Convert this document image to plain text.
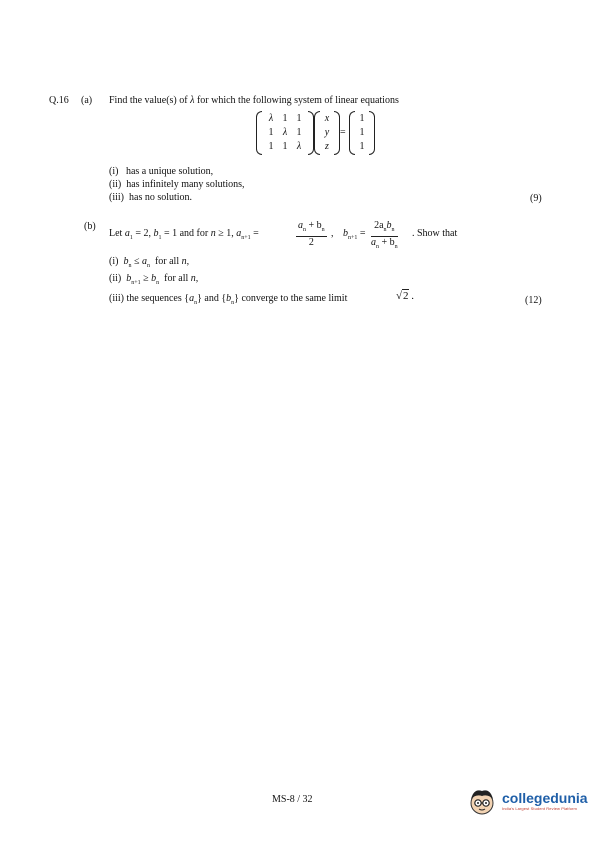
Q.16 (a) Find the value(s) of λ for which the following system of linear equations
λ 1 1
1 λ 1
1 1 λ
x
y
z
=
1
1
1
(i) has a unique solution,
(ii) has infinitely many solutions,
(iii) has no solution.	(9)
(b)
Let $a_1 = 2$, $b_1 = 1$ and for n ≥ 1, $a_{n+1}$ =	$\frac{a_n + b_n}{2}$ , $b_{n+1}$ =
$2a_nb_n$
$a_n + b_n$
. Show that
(i) $b_n \le a_n$ for all n,
(ii) $b_{n+1} \ge b_n$ for all n,
(iii) the sequences $\{a_n\}$ and $\{b_n\}$ converge to the same limit	√2 .	(12)
MS-8 / 32	collegedunia
India's Largest Student Review Platform
